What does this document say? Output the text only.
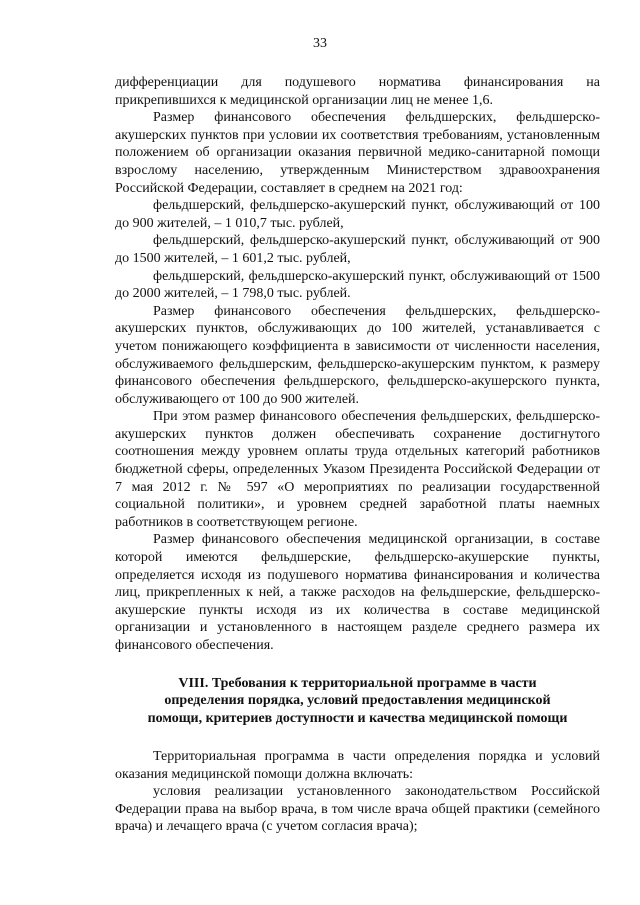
33

дифференциации для подушевого норматива финансирования на прикрепившихся к медицинской организации лиц не менее 1,6.

Размер финансового обеспечения фельдшерских, фельдшерско-акушерских пунктов при условии их соответствия требованиям, установленным положением об организации оказания первичной медико-санитарной помощи взрослому населению, утвержденным Министерством здравоохранения Российской Федерации, составляет в среднем на 2021 год:

фельдшерский, фельдшерско-акушерский пункт, обслуживающий от 100 до 900 жителей, – 1 010,7 тыс. рублей,

фельдшерский, фельдшерско-акушерский пункт, обслуживающий от 900 до 1500 жителей, – 1 601,2 тыс. рублей,

фельдшерский, фельдшерско-акушерский пункт, обслуживающий от 1500 до 2000 жителей, – 1 798,0 тыс. рублей.

Размер финансового обеспечения фельдшерских, фельдшерско-акушерских пунктов, обслуживающих до 100 жителей, устанавливается с учетом понижающего коэффициента в зависимости от численности населения, обслуживаемого фельдшерским, фельдшерско-акушерским пунктом, к размеру финансового обеспечения фельдшерского, фельдшерско-акушерского пункта, обслуживающего от 100 до 900 жителей.

При этом размер финансового обеспечения фельдшерских, фельдшерско-акушерских пунктов должен обеспечивать сохранение достигнутого соотношения между уровнем оплаты труда отдельных категорий работников бюджетной сферы, определенных Указом Президента Российской Федерации от 7 мая 2012 г. № 597 «О мероприятиях по реализации государственной социальной политики», и уровнем средней заработной платы наемных работников в соответствующем регионе.

Размер финансового обеспечения медицинской организации, в составе которой имеются фельдшерские, фельдшерско-акушерские пункты, определяется исходя из подушевого норматива финансирования и количества лиц, прикрепленных к ней, а также расходов на фельдшерские, фельдшерско-акушерские пункты исходя из их количества в составе медицинской организации и установленного в настоящем разделе среднего размера их финансового обеспечения.

VIII. Требования к территориальной программе в части
определения порядка, условий предоставления медицинской
помощи, критериев доступности и качества медицинской помощи

Территориальная программа в части определения порядка и условий оказания медицинской помощи должна включать:

условия реализации установленного законодательством Российской Федерации права на выбор врача, в том числе врача общей практики (семейного врача) и лечащего врача (с учетом согласия врача);
